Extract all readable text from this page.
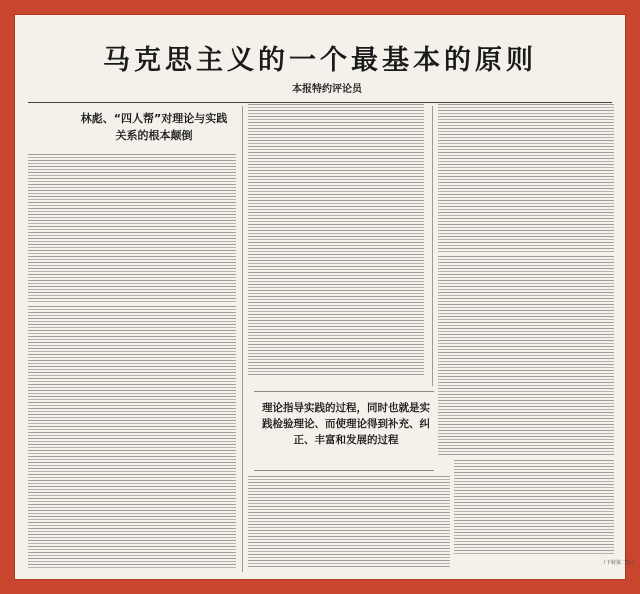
马克思主义的一个最基本的原则
本报特约评论员
林彪、“四人帮”对理论与实践关系的根本颠倒
理论指导实践的过程，同时也就是实践检验理论、而使理论得到补充、纠正、丰富和发展的过程
（下转第二版）
